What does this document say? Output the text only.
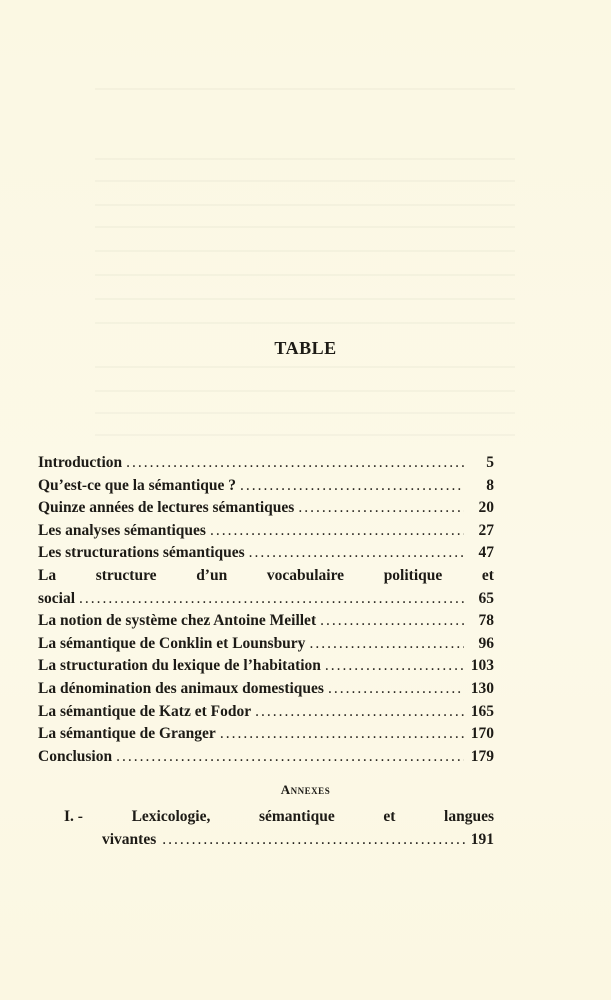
TABLE
Introduction .....	5
Qu’est-ce que la sémantique ? .....	8
Quinze années de lectures sémantiques .....	20
Les analyses sémantiques .....	27
Les structurations sémantiques .....	47
La	structure	d’un	vocabulaire	politique	et
social .....	65
La notion de système chez Antoine Meillet .....	78
La sémantique de Conklin et Lounsbury .....	96
La structuration du lexique de l’habitation .....	103
La dénomination des animaux domestiques .....	130
La sémantique de Katz et Fodor .....	165
La sémantique de Granger .....	170
Conclusion .....	179
Annexes
I. -	Lexicologie,	sémantique	et	langues
vivantes .....	191
